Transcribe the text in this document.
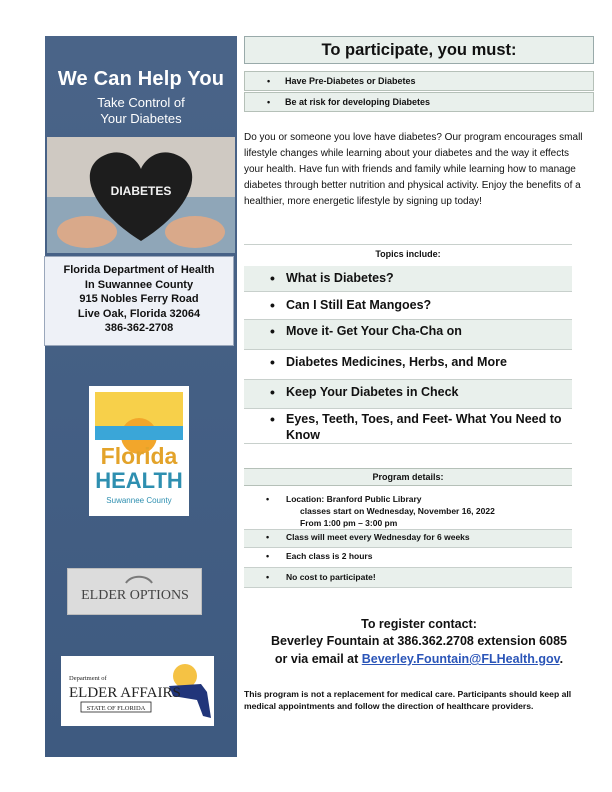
We Can Help You
Take Control of
Your Diabetes
DIABETES
Florida Department of Health
In Suwannee County
915 Nobles Ferry Road
Live Oak, Florida 32064
386-362-2708
Florida
HEALTH
Suwannee County
ELDER OPTIONS
Department of
ELDER AFFAIRS
STATE OF FLORIDA
To participate, you must:
• Have Pre-Diabetes or Diabetes
• Be at risk for developing Diabetes
Do you or someone you love have diabetes? Our program encourages small lifestyle changes while learning about your diabetes and the way it effects your health. Have fun with friends and family while learning how to manage diabetes through better nutrition and physical activity. Enjoy the benefits of a healthier, more energetic lifestyle by signing up today!
Topics include:
• What is Diabetes?
• Can I Still Eat Mangoes?
• Move it- Get Your Cha-Cha on
• Diabetes Medicines, Herbs, and More
• Keep Your Diabetes in Check
• Eyes, Teeth, Toes, and Feet- What You Need to Know
Program details:
• Location: Branford Public Library
classes start on Wednesday, November 16, 2022
From 1:00 pm – 3:00 pm
• Class will meet every Wednesday for 6 weeks
• Each class is 2 hours
• No cost to participate!
To register contact:
Beverley Fountain at 386.362.2708 extension 6085
or via email at Beverley.Fountain@FLHealth.gov.
This program is not a replacement for medical care. Participants should keep all medical appointments and follow the direction of healthcare providers.
